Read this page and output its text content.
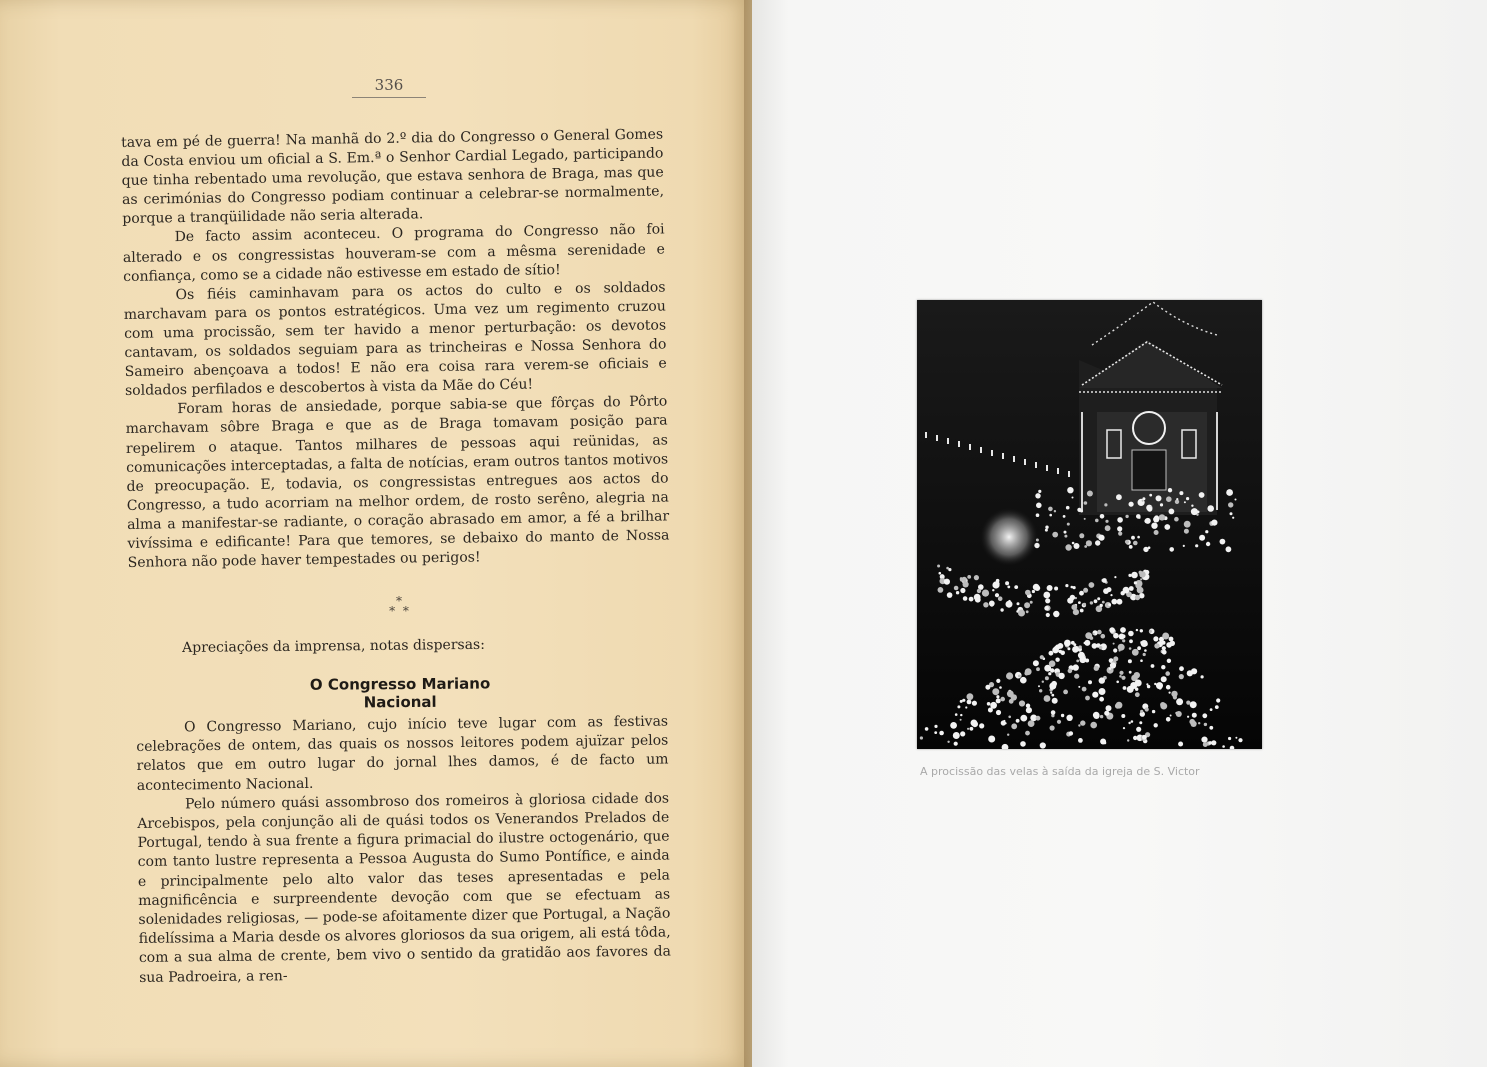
336

tava em pé de guerra! Na manhã do 2.º dia do Congresso o General Gomes da Costa enviou um oficial a S. Em.ª o Senhor Cardial Legado, participando que tinha rebentado uma revolução, que estava senhora de Braga, mas que as cerimónias do Congresso podiam continuar a celebrar-se normalmente, porque a tranqüilidade não seria alterada.

De facto assim aconteceu. O programa do Congresso não foi alterado e os congressistas houveram-se com a mêsma serenidade e confiança, como se a cidade não estivesse em estado de sítio!

Os fiéis caminhavam para os actos do culto e os soldados marchavam para os pontos estratégicos. Uma vez um regimento cruzou com uma procissão, sem ter havido a menor perturbação: os devotos cantavam, os soldados seguiam para as trincheiras e Nossa Senhora do Sameiro abençoava a todos! E não era coisa rara verem-se oficiais e soldados perfilados e descobertos à vista da Mãe do Céu!

Foram horas de ansiedade, porque sabia-se que fôrças do Pôrto marchavam sôbre Braga e que as de Braga tomavam posição para repelirem o ataque. Tantos milhares de pessoas aqui reünidas, as comunicações interceptadas, a falta de notícias, eram outros tantos motivos de preocupação. E, todavia, os congressistas entregues aos actos do Congresso, a tudo acorriam na melhor ordem, de rosto serêno, alegria na alma a manifestar-se radiante, o coração abrasado em amor, a fé a brilhar vivíssima e edificante! Para que temores, se debaixo do manto de Nossa Senhora não pode haver tempestades ou perigos!

*
* *
Apreciações da imprensa, notas dispersas:
O Congresso Mariano Nacional

O Congresso Mariano, cujo início teve lugar com as festivas celebrações de ontem, das quais os nossos leitores podem ajuïzar pelos relatos que em outro lugar do jornal lhes damos, é de facto um acontecimento Nacional.

Pelo número quási assombroso dos romeiros à gloriosa cidade dos Arcebispos, pela conjunção ali de quási todos os Venerandos Prelados de Portugal, tendo à sua frente a figura primacial do ilustre octogenário, que com tanto lustre representa a Pessoa Augusta do Sumo Pontífice, e ainda e principalmente pelo alto valor das teses apresentadas e pela magnificência e surpreendente devoção com que se efectuam as solenidades religiosas, — pode-se afoitamente dizer que Portugal, a Nação fidelíssima a Maria desde os alvores gloriosos da sua origem, ali está tôda, com a sua alma de crente, bem vivo o sentido da gratidão aos favores da sua Padroeira, a ren-

A procissão das velas à saída da igreja de S. Victor
